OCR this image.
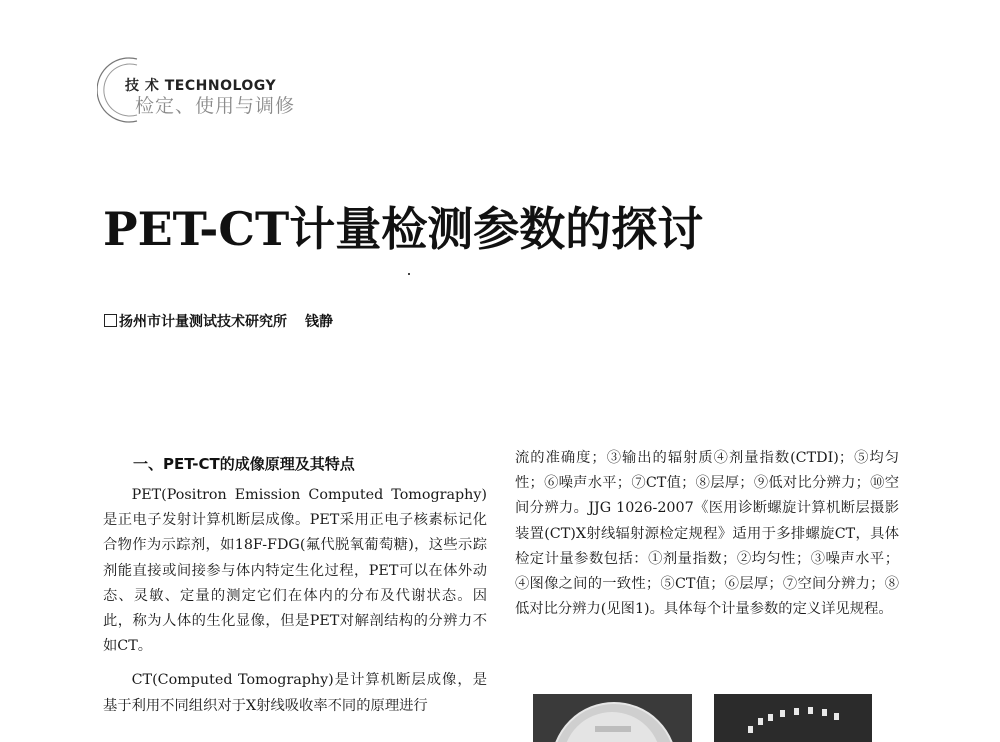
技 术 TECHNOLOGY
检定、使用与调修
PET-CT计量检测参数的探讨
扬州市计量测试技术研究所 钱静
一、PET-CT的成像原理及其特点

PET(Positron Emission Computed Tomography)是正电子发射计算机断层成像。PET采用正电子核素标记化合物作为示踪剂，如18F-FDG(氟代脱氧葡萄糖)，这些示踪剂能直接或间接参与体内特定生化过程，PET可以在体外动态、灵敏、定量的测定它们在体内的分布及代谢状态。因此，称为人体的生化显像，但是PET对解剖结构的分辨力不如CT。

CT(Computed Tomography)是计算机断层成像，是基于利用不同组织对于X射线吸收率不同的原理进行

流的准确度；③输出的辐射质④剂量指数(CTDI)；⑤均匀性；⑥噪声水平；⑦CT值；⑧层厚；⑨低对比分辨力；⑩空间分辨力。JJG 1026-2007《医用诊断螺旋计算机断层摄影装置(CT)X射线辐射源检定规程》适用于多排螺旋CT，具体检定计量参数包括：①剂量指数；②均匀性；③噪声水平；④图像之间的一致性；⑤CT值；⑥层厚；⑦空间分辨力；⑧低对比分辨力(见图1)。具体每个计量参数的定义详见规程。
